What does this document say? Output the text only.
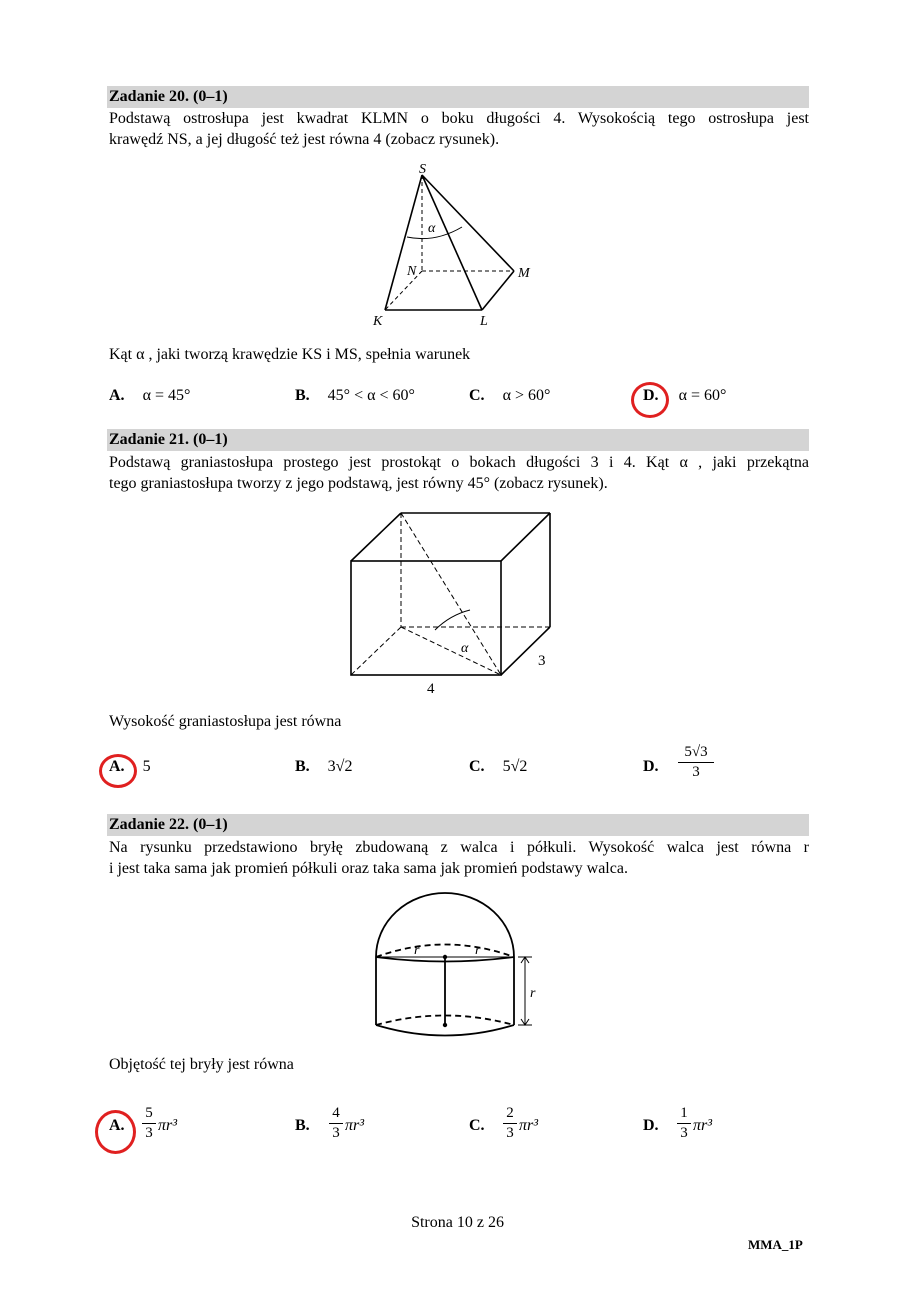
Zadanie 20. (0–1)
Podstawą ostrosłupa jest kwadrat KLMN o boku długości 4. Wysokością tego ostrosłupa jest
krawędź NS, a jej długość też jest równa 4 (zobacz rysunek).
S
N	M
K	L
α
Kąt α , jaki tworzą krawędzie KS i MS, spełnia warunek
A. α = 45°	B. 45° < α < 60°	C. α > 60°	D. α = 60°
Zadanie 21. (0–1)
Podstawą graniastosłupa prostego jest prostokąt o bokach długości 3 i 4. Kąt α , jaki przekątna
tego graniastosłupa tworzy z jego podstawą, jest równy 45° (zobacz rysunek).
α
3
4
Wysokość graniastosłupa jest równa
A. 5	B. 3√2	C. 5√2	D.
5√3
3
Zadanie 22. (0–1)
Na rysunku przedstawiono bryłę zbudowaną z walca i półkuli. Wysokość walca jest równa r
i jest taka sama jak promień półkuli oraz taka sama jak promień podstawy walca.
r	r
r
Objętość tej bryły jest równa
A.
5
3 πr³	B.
4
3 πr³	C.
2
3 πr³	D.
1
3 πr³
Strona 10 z 26
MMA_1P
